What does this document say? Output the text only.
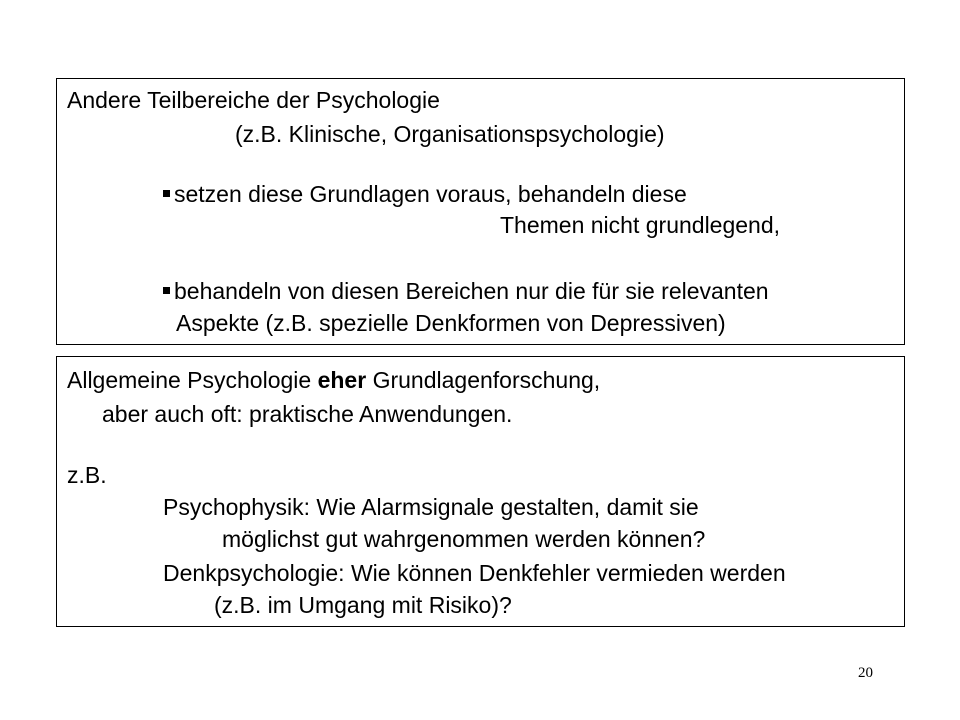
Andere Teilbereiche der Psychologie
(z.B. Klinische, Organisationspsychologie)
setzen diese Grundlagen voraus, behandeln diese
Themen nicht grundlegend,
behandeln von diesen Bereichen nur die für sie relevanten
Aspekte (z.B. spezielle Denkformen von Depressiven)
Allgemeine Psychologie eher Grundlagenforschung,
aber auch oft: praktische Anwendungen.
z.B.
Psychophysik: Wie Alarmsignale gestalten, damit sie
möglichst gut wahrgenommen werden können?
Denkpsychologie: Wie können Denkfehler vermieden werden
(z.B. im Umgang mit Risiko)?
20
